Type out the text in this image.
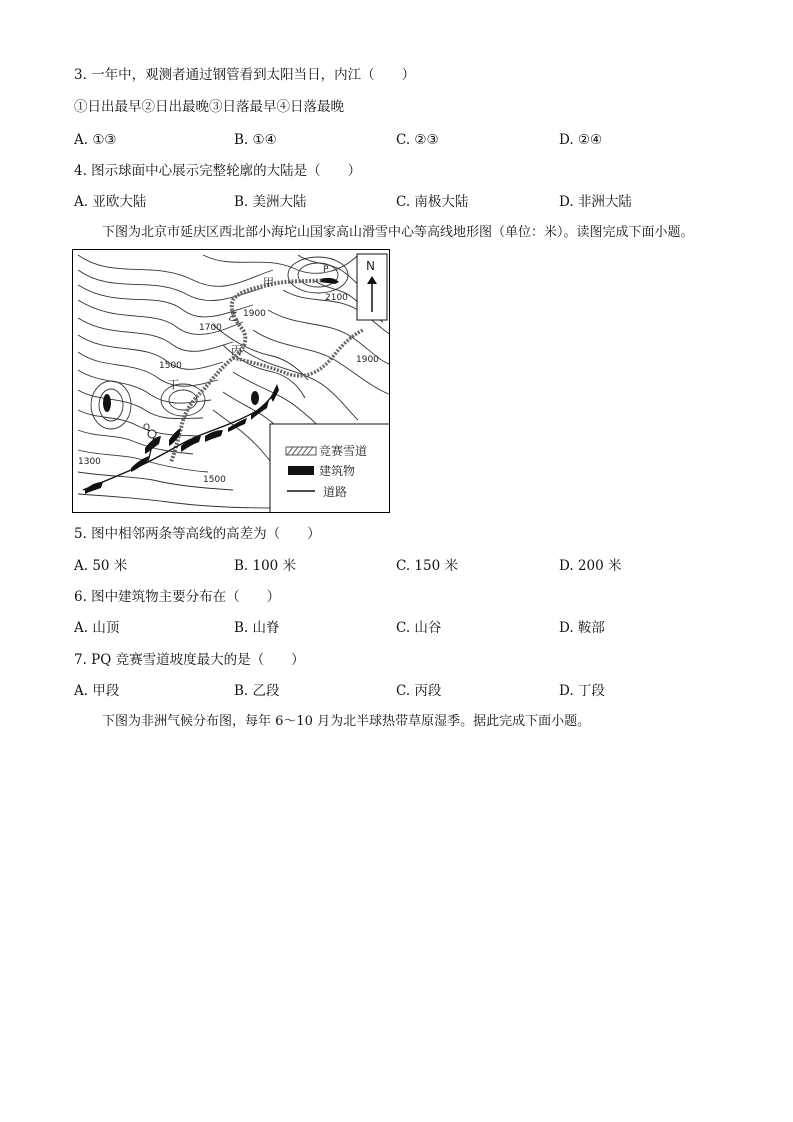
3. 一年中，观测者通过钢管看到太阳当日，内江（　　）
①日出最早②日出最晚③日落最早④日落最晚
A. ①③	B. ①④	C. ②③	D. ②④
4. 图示球面中心展示完整轮廓的大陆是（　　）
A. 亚欧大陆	B. 美洲大陆	C. 南极大陆	D. 非洲大陆
下图为北京市延庆区西北部小海坨山国家高山滑雪中心等高线地形图（单位：米）。读图完成下面小题。
甲
乙
丙
丁
P
Q
2100
1900
1700
1900
1500
1300
1500
N
竞赛雪道
建筑物
道路
5. 图中相邻两条等高线的高差为（　　）
A. 50 米	B. 100 米	C. 150 米	D. 200 米
6. 图中建筑物主要分布在（　　）
A. 山顶	B. 山脊	C. 山谷	D. 鞍部
7. PQ 竞赛雪道坡度最大的是（　　）
A. 甲段	B. 乙段	C. 丙段	D. 丁段
下图为非洲气候分布图，每年 6～10 月为北半球热带草原湿季。据此完成下面小题。
